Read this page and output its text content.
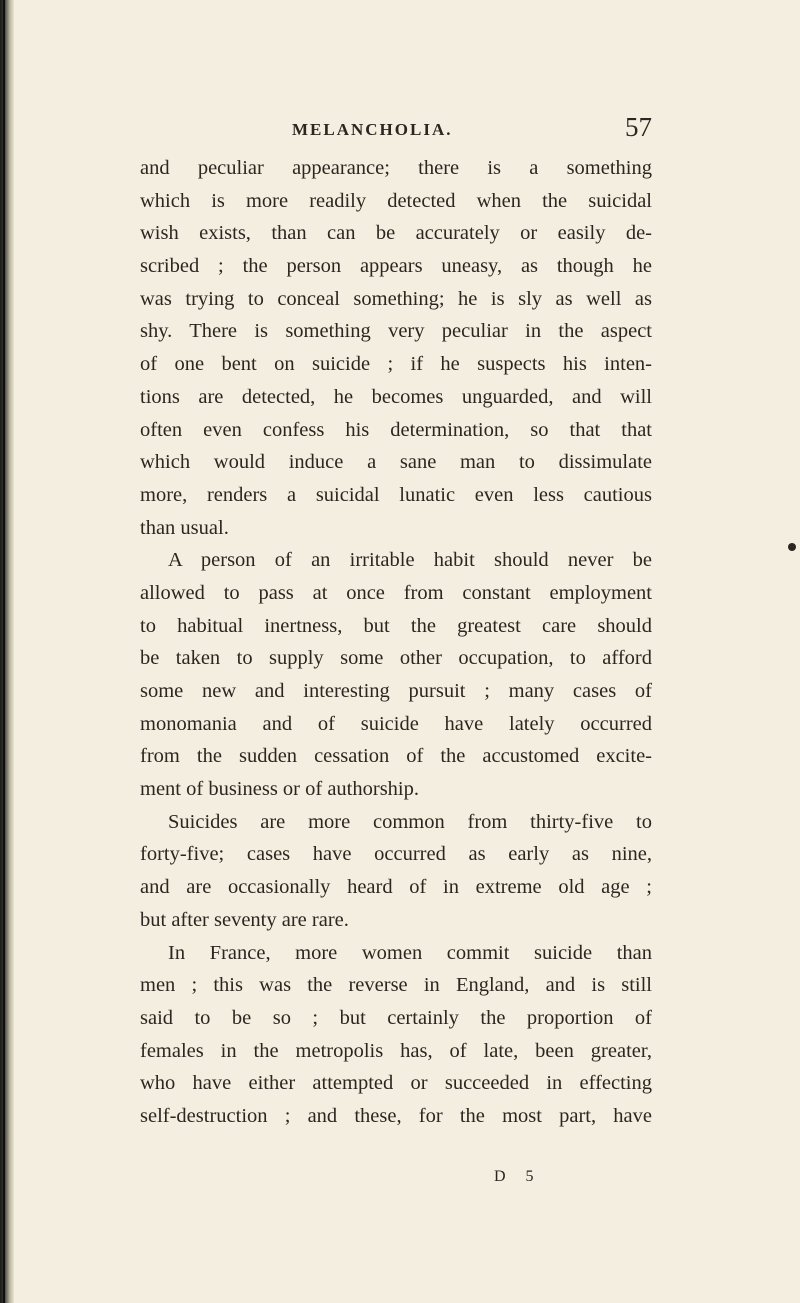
MELANCHOLIA.	57
and peculiar appearance; there is a something
which is more readily detected when the suicidal
wish exists, than can be accurately or easily de-
scribed ; the person appears uneasy, as though he
was trying to conceal something; he is sly as well as
shy. There is something very peculiar in the aspect
of one bent on suicide ; if he suspects his inten-
tions are detected, he becomes unguarded, and will
often even confess his determination, so that that
which would induce a sane man to dissimulate
more, renders a suicidal lunatic even less cautious
than usual.
A person of an irritable habit should never be
allowed to pass at once from constant employment
to habitual inertness, but the greatest care should
be taken to supply some other occupation, to afford
some new and interesting pursuit ; many cases of
monomania and of suicide have lately occurred
from the sudden cessation of the accustomed excite-
ment of business or of authorship.
Suicides are more common from thirty-five to
forty-five; cases have occurred as early as nine,
and are occasionally heard of in extreme old age ;
but after seventy are rare.
In France, more women commit suicide than
men ; this was the reverse in England, and is still
said to be so ; but certainly the proportion of
females in the metropolis has, of late, been greater,
who have either attempted or succeeded in effecting
self-destruction ; and these, for the most part, have
D 5
